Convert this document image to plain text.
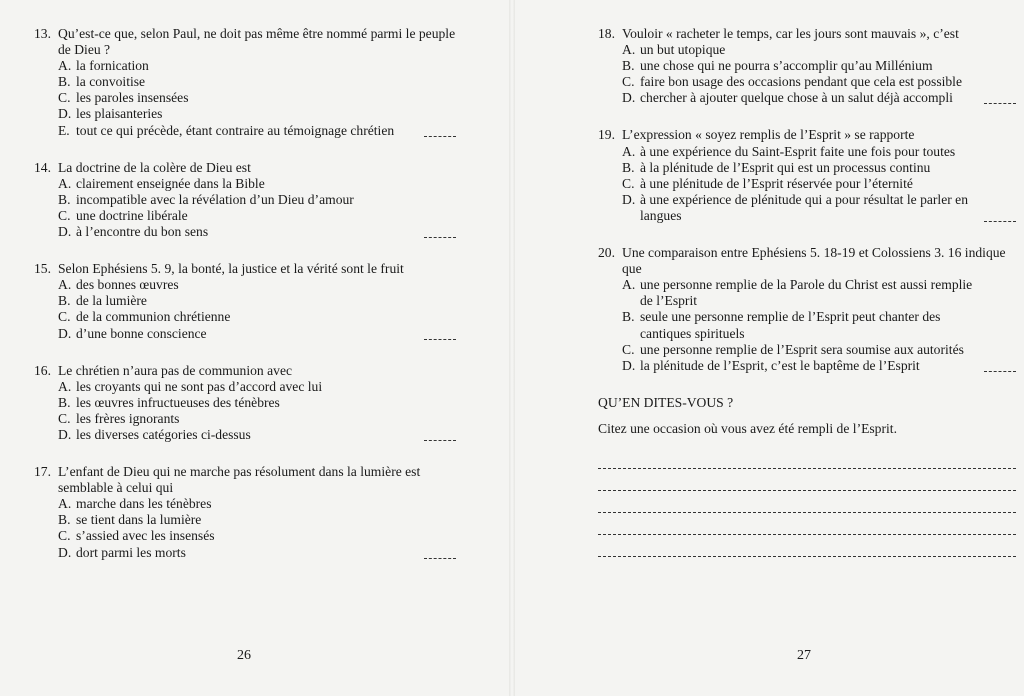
13. Qu’est-ce que, selon Paul, ne doit pas même être nommé parmi le peuple de Dieu ?
A. la fornication
B. la convoitise
C. les paroles insensées
D. les plaisanteries
E. tout ce qui précède, étant contraire au témoignage chrétien
14. La doctrine de la colère de Dieu est
A. clairement enseignée dans la Bible
B. incompatible avec la révélation d’un Dieu d’amour
C. une doctrine libérale
D. à l’encontre du bon sens
15. Selon Ephésiens 5. 9, la bonté, la justice et la vérité sont le fruit
A. des bonnes œuvres
B. de la lumière
C. de la communion chrétienne
D. d’une bonne conscience
16. Le chrétien n’aura pas de communion avec
A. les croyants qui ne sont pas d’accord avec lui
B. les œuvres infructueuses des ténèbres
C. les frères ignorants
D. les diverses catégories ci-dessus
17. L’enfant de Dieu qui ne marche pas résolument dans la lumière est semblable à celui qui
A. marche dans les ténèbres
B. se tient dans la lumière
C. s’assied avec les insensés
D. dort parmi les morts
26
18. Vouloir « racheter le temps, car les jours sont mauvais », c’est
A. un but utopique
B. une chose qui ne pourra s’accomplir qu’au Millénium
C. faire bon usage des occasions pendant que cela est possible
D. chercher à ajouter quelque chose à un salut déjà accompli
19. L’expression « soyez remplis de l’Esprit » se rapporte
A. à une expérience du Saint-Esprit faite une fois pour toutes
B. à la plénitude de l’Esprit qui est un processus continu
C. à une plénitude de l’Esprit réservée pour l’éternité
D. à une expérience de plénitude qui a pour résultat le parler en langues
20. Une comparaison entre Ephésiens 5. 18-19 et Colossiens 3. 16 indique que
A. une personne remplie de la Parole du Christ est aussi remplie de l’Esprit
B. seule une personne remplie de l’Esprit peut chanter des cantiques spirituels
C. une personne remplie de l’Esprit sera soumise aux autorités
D. la plénitude de l’Esprit, c’est le baptême de l’Esprit
QU’EN DITES-VOUS ?
Citez une occasion où vous avez été rempli de l’Esprit.
27
